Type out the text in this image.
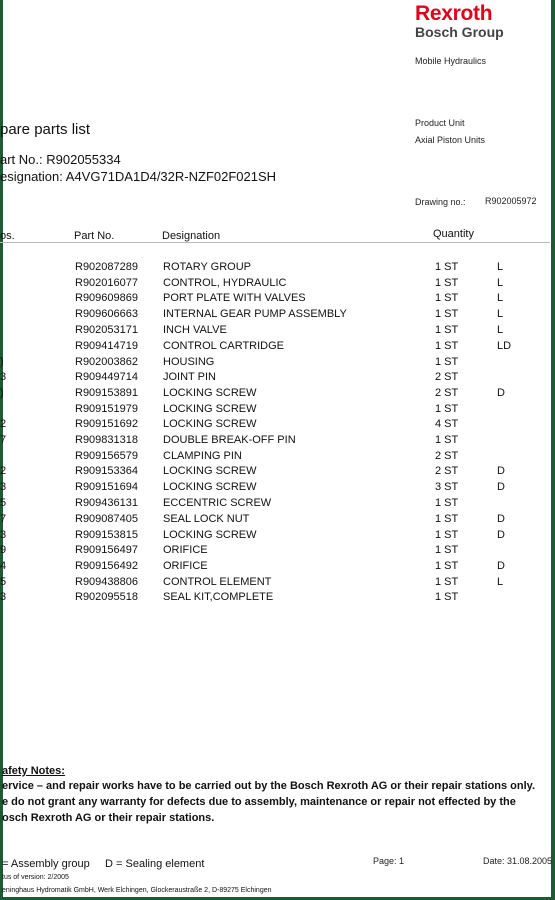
Rexroth
Bosch Group
Mobile Hydraulics
Product Unit
Axial Piston Units
Drawing no.: R902005972
pare parts list
art No.: R902055334
esignation: A4VG71DA1D4/32R-NZF02F021SH
os.	Part No.	Designation	Quantity
R902087289 ROTARY GROUP	1 ST	L
R902016077 CONTROL, HYDRAULIC	1 ST	L
R909609869 PORT PLATE WITH VALVES	1 ST	L
R909606663 INTERNAL GEAR PUMP ASSEMBLY	1 ST	L
R902053171 INCH VALVE	1 ST	L
R909414719 CONTROL CARTRIDGE	1 ST	LD
)	R902003862 HOUSING	1 ST
3	R909449714 JOINT PIN	2 ST
)	R909153891 LOCKING SCREW	2 ST	D
R909151979 LOCKING SCREW	1 ST
2	R909151692 LOCKING SCREW	4 ST
7	R909831318 DOUBLE BREAK-OFF PIN	1 ST
R909156579 CLAMPING PIN	2 ST
2	R909153364 LOCKING SCREW	2 ST	D
3	R909151694 LOCKING SCREW	3 ST	D
5	R909436131 ECCENTRIC SCREW	1 ST
7	R909087405 SEAL LOCK NUT	1 ST	D
3	R909153815 LOCKING SCREW	1 ST	D
9	R909156497 ORIFICE	1 ST
4	R909156492 ORIFICE	1 ST	D
5	R909438806 CONTROL ELEMENT	1 ST	L
3	R902095518 SEAL KIT,COMPLETE	1 ST
afety Notes:
ervice – and repair works have to be carried out by the Bosch Rexroth AG or their repair stations only.
e do not grant any warranty for defects due to assembly, maintenance or repair not effected by the
osch Rexroth AG or their repair stations.
= Assembly group     D = Sealing element	Page: 1	Date: 31.08.2005
tus of version: 2/2005
eninghaus Hydromatik GmbH, Werk Elchingen, Glockeraustraße 2, D-89275 Elchingen
